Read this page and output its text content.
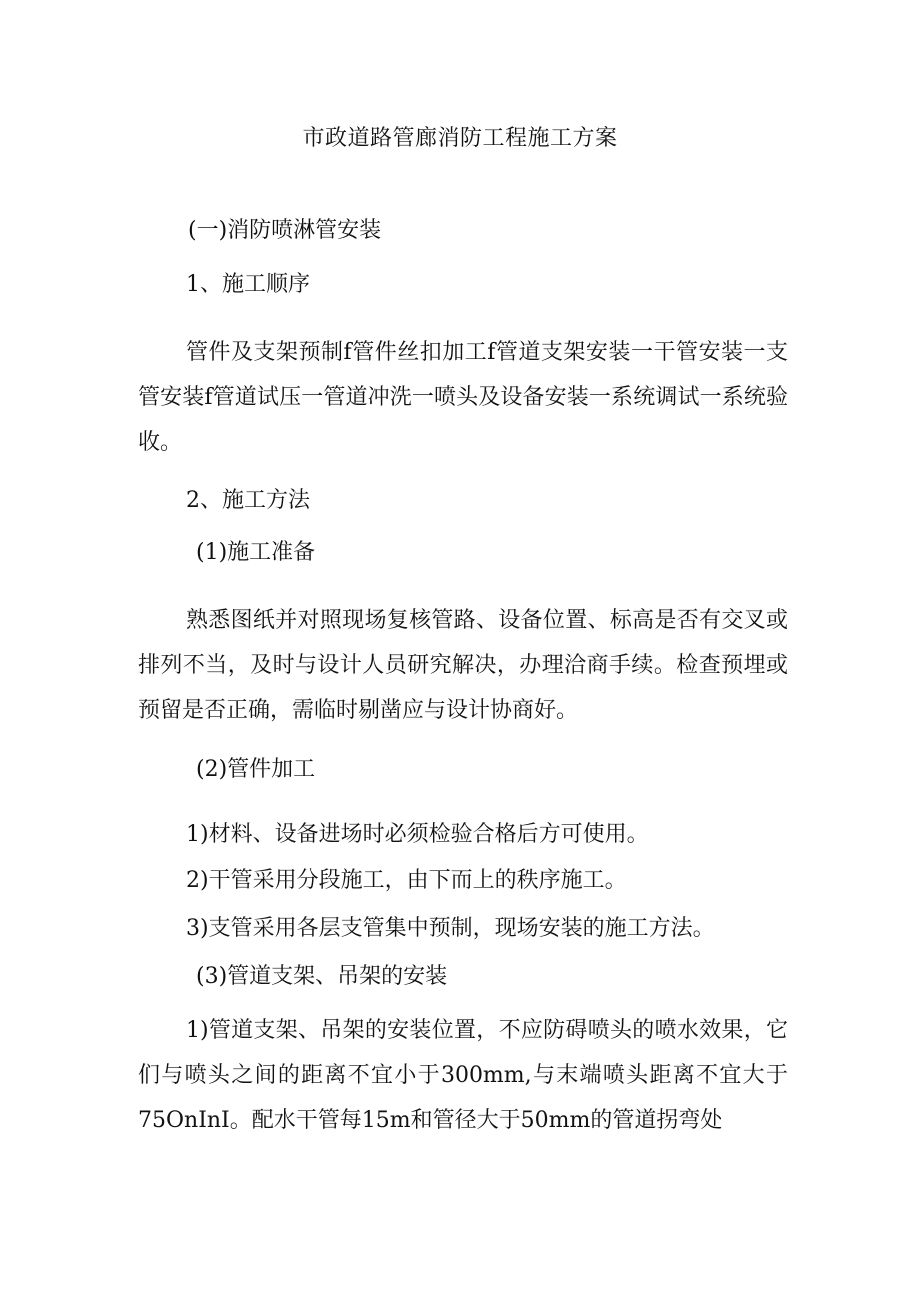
市政道路管廊消防工程施工方案
(一)消防喷淋管安装
1、施工顺序

管件及支架预制f管件丝扣加工f管道支架安装一干管安装一支管安装f管道试压一管道冲洗一喷头及设备安装一系统调试一系统验收。

2、施工方法
(1)施工准备

熟悉图纸并对照现场复核管路、设备位置、标高是否有交叉或排列不当，及时与设计人员研究解决，办理洽商手续。检查预埋或预留是否正确，需临时剔凿应与设计协商好。

(2)管件加工
1)材料、设备进场时必须检验合格后方可使用。
2)干管采用分段施工，由下而上的秩序施工。
3)支管采用各层支管集中预制，现场安装的施工方法。
(3)管道支架、吊架的安装

1)管道支架、吊架的安装位置，不应防碍喷头的喷水效果，它们与喷头之间的距离不宜小于300mm,与末端喷头距离不宜大于75OnInI。配水干管每15m和管径大于50mm的管道拐弯处
